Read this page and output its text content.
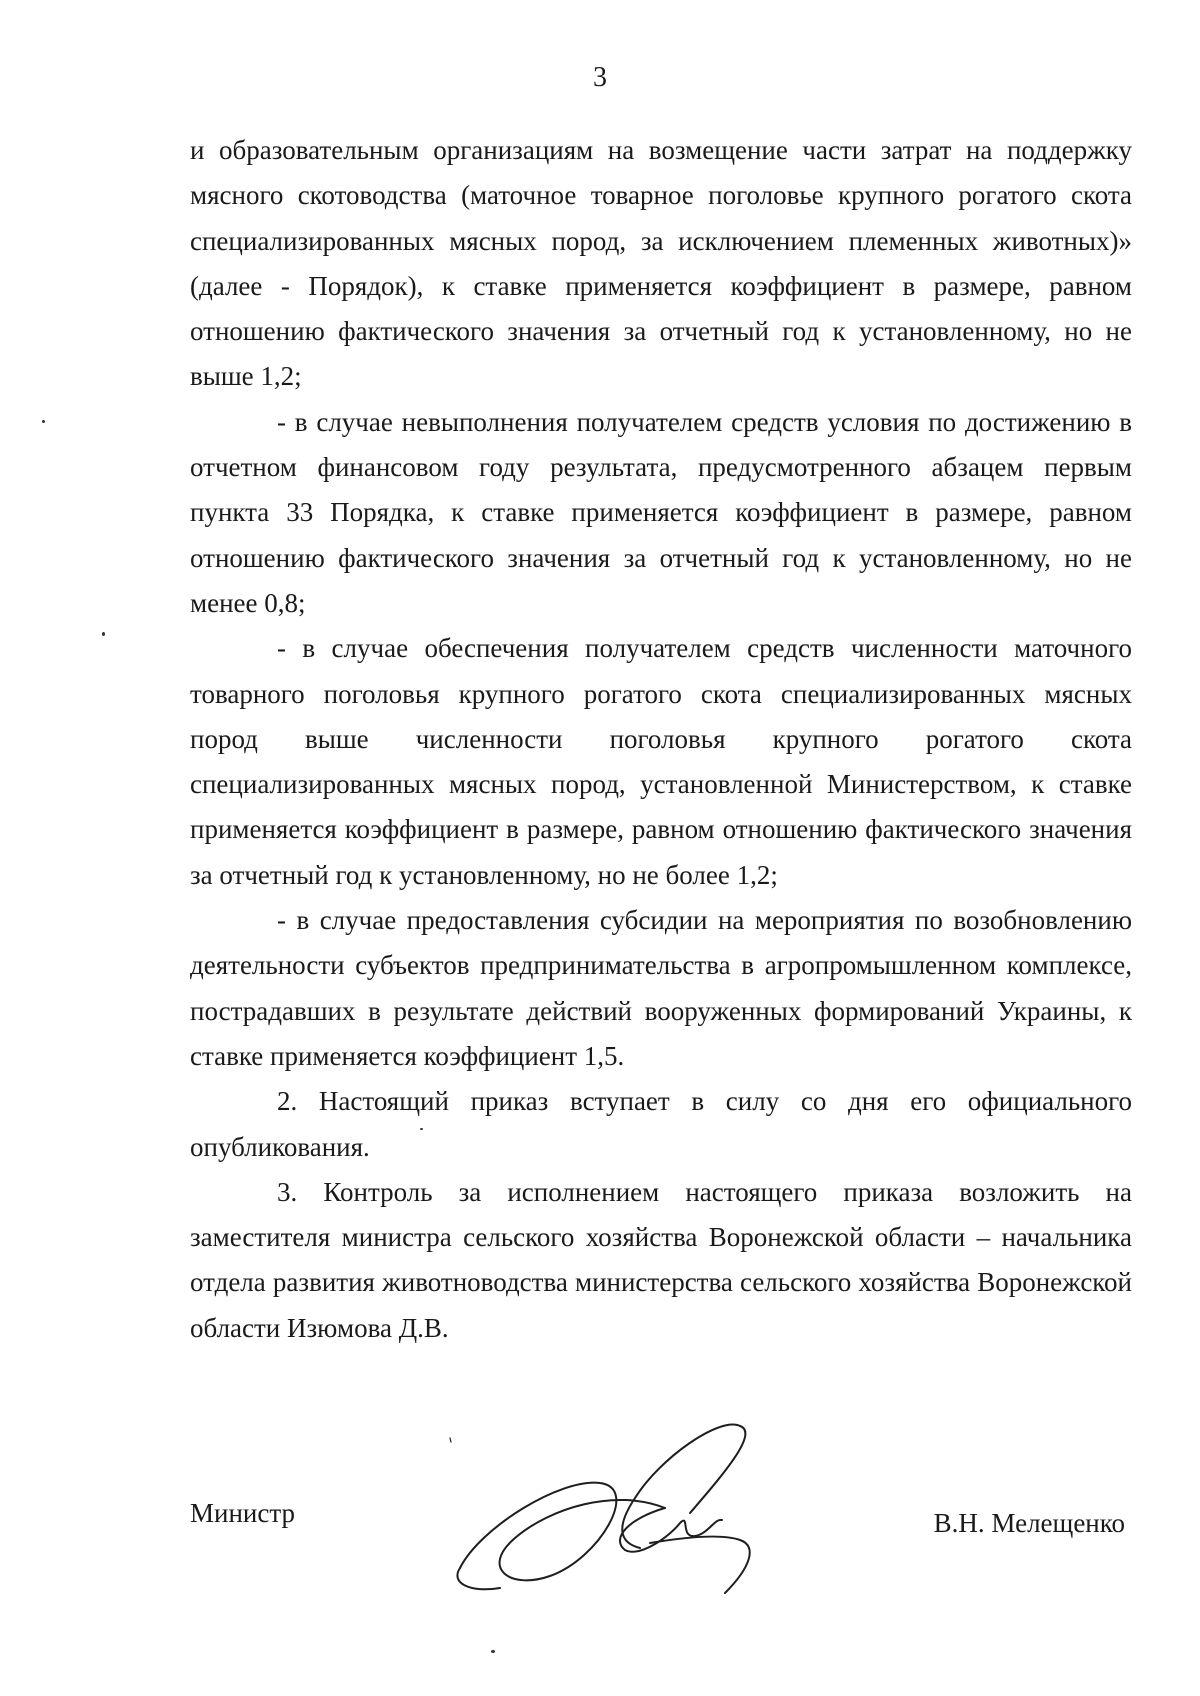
3

и образовательным организациям на возмещение части затрат на поддержку мясного скотоводства (маточное товарное поголовье крупного рогатого скота специализированных мясных пород, за исключением племенных животных)» (далее - Порядок), к ставке применяется коэффициент в размере, равном отношению фактического значения за отчетный год к установленному, но не выше 1,2;

- в случае невыполнения получателем средств условия по достижению в отчетном финансовом году результата, предусмотренного абзацем первым пункта 33 Порядка, к ставке применяется коэффициент в размере, равном отношению фактического значения за отчетный год к установленному, но не менее 0,8;

- в случае обеспечения получателем средств численности маточного товарного поголовья крупного рогатого скота специализированных мясных пород выше численности поголовья крупного рогатого скота специализированных мясных пород, установленной Министерством, к ставке применяется коэффициент в размере, равном отношению фактического значения за отчетный год к установленному, но не более 1,2;

- в случае предоставления субсидии на мероприятия по возобновлению деятельности субъектов предпринимательства в агропромышленном комплексе, пострадавших в результате действий вооруженных формирований Украины, к ставке применяется коэффициент 1,5.

2. Настоящий приказ вступает в силу со дня его официального опубликования.

3. Контроль за исполнением настоящего приказа возложить на заместителя министра сельского хозяйства Воронежской области – начальника отдела развития животноводства министерства сельского хозяйства Воронежской области Изюмова Д.В.

Министр	В.Н. Мелещенко
